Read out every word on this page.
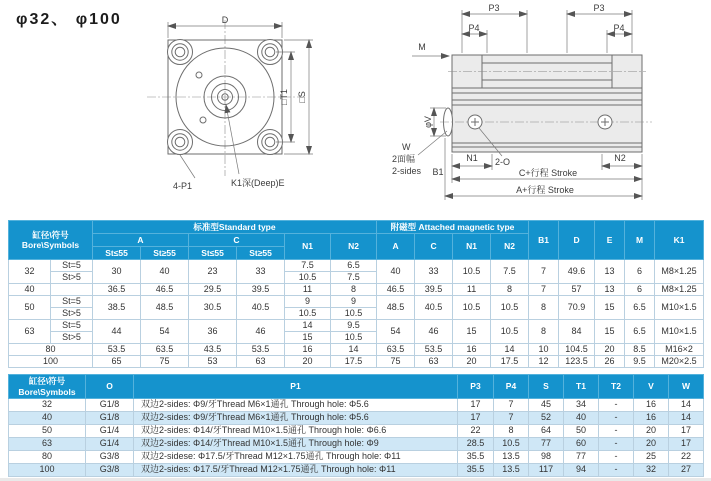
φ32、 φ100	D
□T1 □S
4-P1	K1深(Deep)E
P3	P3
P4	P4
M
φV
W
2面幅
2-sides
N1 2-O	N2
B1	C+行程 Stroke
A+行程 Stroke
缸径\符号
Bore\Symbols		标准型Standard type						附磁型 Attached magnetic type				B1	D	E	M	K1
		A		C		N1	N2	A	C	N1	N2					
		St≤55	St≥55	St≤55	St≥55											
32	St=5	30	40	23	33	7.5	6.5	40	33	10.5	7.5	7	49.6	13	6	M8×1.25
	St>5					10.5	7.5									
40		36.5	46.5	29.5	39.5	11	8	46.5	39.5	11	8	7	57	13	6	M8×1.25
50	St=5	38.5	48.5	30.5	40.5	9	9	48.5	40.5	10.5	10.5	8	70.9	15	6.5	M10×1.5
	St>5					10.5	10.5									
63	St=5	44	54	36	46	14	9.5	54	46	15	10.5	8	84	15	6.5	M10×1.5
	St>5					15	10.5									
80		53.5	63.5	43.5	53.5	16	14	63.5	53.5	16	14	10	104.5	20	8.5	M16×2
100		65	75	53	63	20	17.5	75	63	20	17.5	12	123.5	26	9.5	M20×2.5
缸径\符号
Bore\Symbols	O	P1	P3	P4	S	T1	T2	V	W
32	G1/8	双边2-sides: Φ9/牙Thread M6×1通孔 Through hole: Φ5.6	17	7	45	34	-	16	14
40	G1/8	双边2-sides: Φ9/牙Thread M6×1通孔 Through hole: Φ5.6	17	7	52	40	-	16	14
50	G1/4	双边2-sides: Φ14/牙Thread M10×1.5通孔 Through hole: Φ6.6	22	8	64	50	-	20	17
63	G1/4	双边2-sides: Φ14/牙Thread M10×1.5通孔 Through hole: Φ9	28.5	10.5	77	60	-	20	17
80	G3/8	双边2-sidese: Φ17.5/牙Thread M12×1.75通孔 Through hole: Φ11	35.5	13.5	98	77	-	25	22
100	G3/8	双边2-sides: Φ17.5/牙Thread M12×1.75通孔 Through hole: Φ11	35.5	13.5	117	94	-	32	27
